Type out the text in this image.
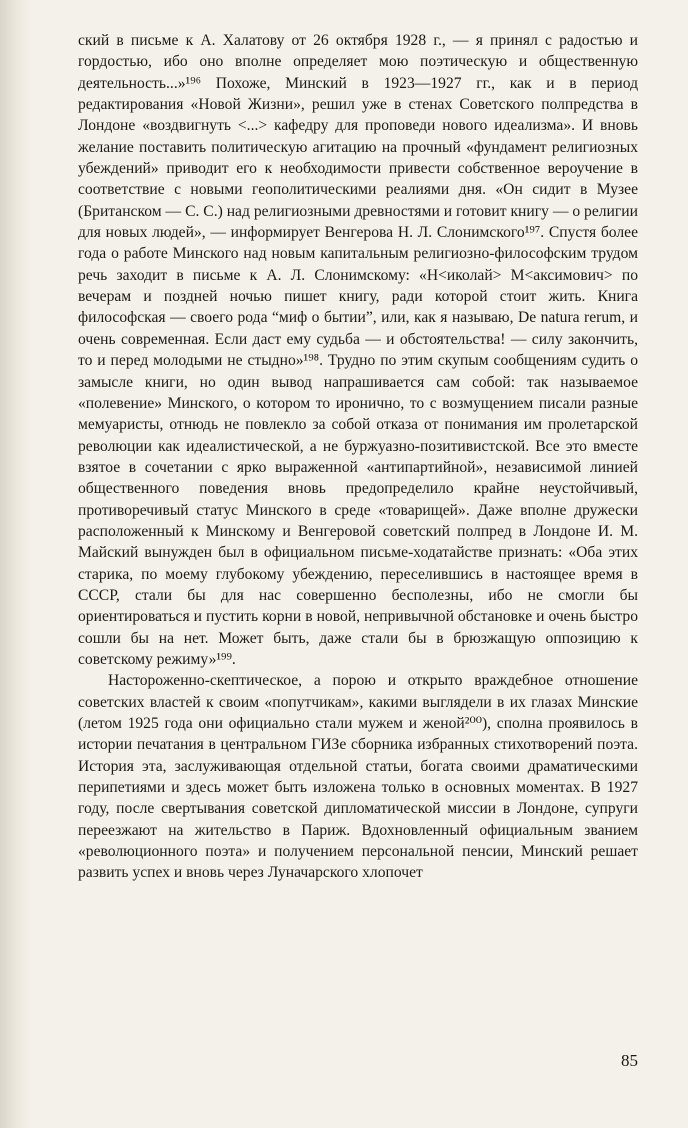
ский в письме к А. Халатову от 26 октября 1928 г., — я принял с радостью и гордостью, ибо оно вполне определяет мою поэтическую и общественную деятельность...»¹⁹⁶ Похоже, Минский в 1923—1927 гг., как и в период редактирования «Новой Жизни», решил уже в стенах Советского полпредства в Лондоне «воздвигнуть <...> кафедру для проповеди нового идеализма». И вновь желание поставить политическую агитацию на прочный «фундамент религиозных убеждений» приводит его к необходимости привести собственное вероучение в соответствие с новыми геополитическими реалиями дня. «Он сидит в Музее (Британском — С. С.) над религиозными древностями и готовит книгу — о религии для новых людей», — информирует Венгерова Н. Л. Слонимского¹⁹⁷. Спустя более года о работе Минского над новым капитальным религиозно-философским трудом речь заходит в письме к А. Л. Слонимскому: «Н<иколай> М<аксимович> по вечерам и поздней ночью пишет книгу, ради которой стоит жить. Книга философская — своего рода “миф о бытии”, или, как я называю, De natura rerum, и очень современная. Если даст ему судьба — и обстоятельства! — силу закончить, то и перед молодыми не стыдно»¹⁹⁸. Трудно по этим скупым сообщениям судить о замысле книги, но один вывод напрашивается сам собой: так называемое «полевение» Минского, о котором то иронично, то с возмущением писали разные мемуаристы, отнюдь не повлекло за собой отказа от понимания им пролетарской революции как идеалистической, а не буржуазно-позитивистской. Все это вместе взятое в сочетании с ярко выраженной «антипартийной», независимой линией общественного поведения вновь предопределило крайне неустойчивый, противоречивый статус Минского в среде «товарищей». Даже вполне дружески расположенный к Минскому и Венгеровой советский полпред в Лондоне И. М. Майский вынужден был в официальном письме-ходатайстве признать: «Оба этих старика, по моему глубокому убеждению, переселившись в настоящее время в СССР, стали бы для нас совершенно бесполезны, ибо не смогли бы ориентироваться и пустить корни в новой, непривычной обстановке и очень быстро сошли бы на нет. Может быть, даже стали бы в брюзжащую оппозицию к советскому режиму»¹⁹⁹.

Настороженно-скептическое, а порою и открыто враждебное отношение советских властей к своим «попутчикам», какими выглядели в их глазах Минские (летом 1925 года они официально стали мужем и женой²⁰⁰), сполна проявилось в истории печатания в центральном ГИЗе сборника избранных стихотворений поэта. История эта, заслуживающая отдельной статьи, богата своими драматическими перипетиями и здесь может быть изложена только в основных моментах. В 1927 году, после свертывания советской дипломатической миссии в Лондоне, супруги переезжают на жительство в Париж. Вдохновленный официальным званием «революционного поэта» и получением персональной пенсии, Минский решает развить успех и вновь через Луначарского хлопочет

85
